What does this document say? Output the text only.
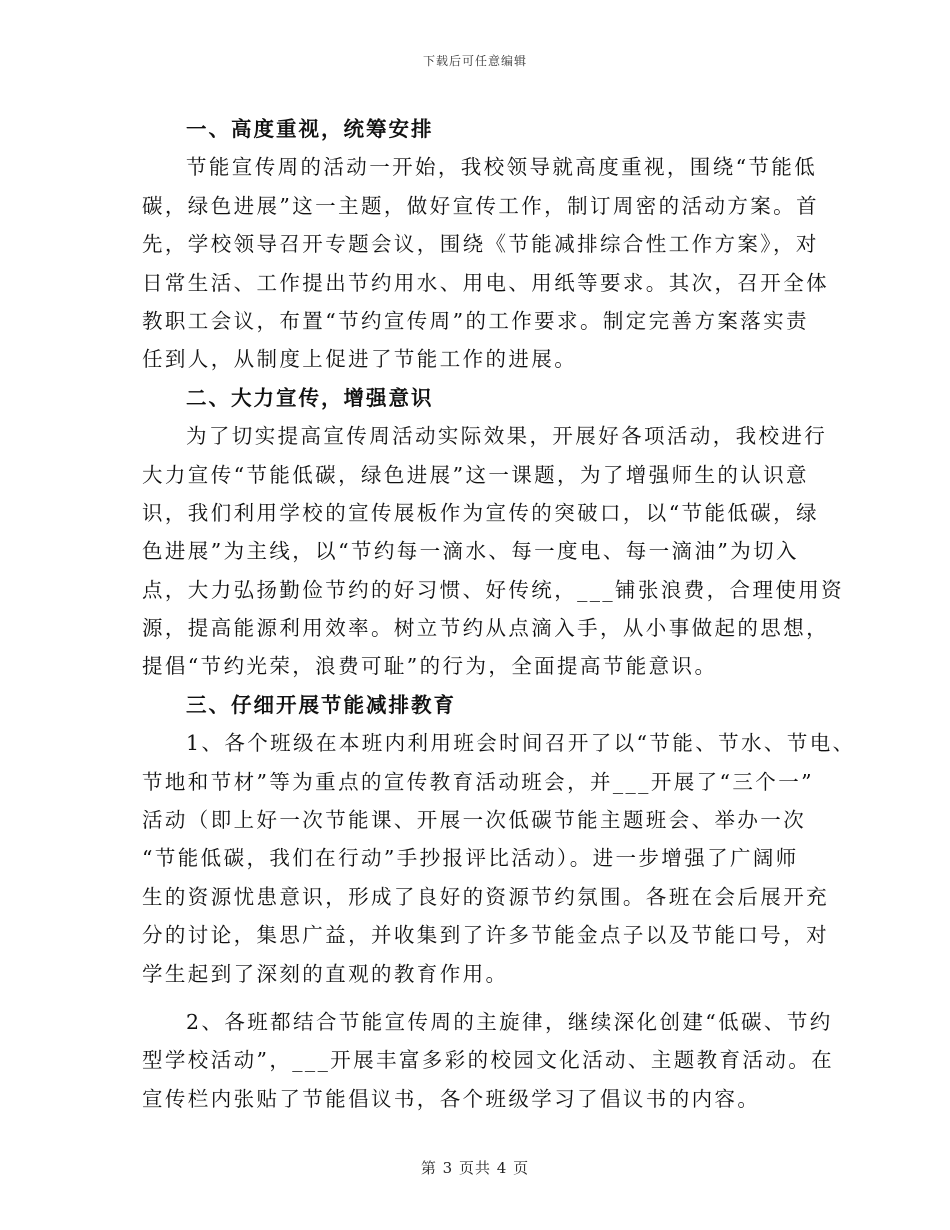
下载后可任意编辑
一、高度重视，统筹安排
节能宣传周的活动一开始，我校领导就高度重视，围绕“节能低
碳，绿色进展”这一主题，做好宣传工作，制订周密的活动方案。首
先，学校领导召开专题会议，围绕《节能减排综合性工作方案》，对
日常生活、工作提出节约用水、用电、用纸等要求。其次，召开全体
教职工会议，布置“节约宣传周”的工作要求。制定完善方案落实责
任到人，从制度上促进了节能工作的进展。
二、大力宣传，增强意识
为了切实提高宣传周活动实际效果，开展好各项活动，我校进行
大力宣传“节能低碳，绿色进展”这一课题，为了增强师生的认识意
识，我们利用学校的宣传展板作为宣传的突破口，以“节能低碳，绿
色进展”为主线，以“节约每一滴水、每一度电、每一滴油”为切入
点，大力弘扬勤俭节约的好习惯、好传统，___铺张浪费，合理使用资
源，提高能源利用效率。树立节约从点滴入手，从小事做起的思想，
提倡“节约光荣，浪费可耻”的行为，全面提高节能意识。
三、仔细开展节能减排教育
1、各个班级在本班内利用班会时间召开了以“节能、节水、节电、
节地和节材”等为重点的宣传教育活动班会，并___开展了“三个一”
活动（即上好一次节能课、开展一次低碳节能主题班会、举办一次
“节能低碳，我们在行动”手抄报评比活动）。进一步增强了广阔师
生的资源忧患意识，形成了良好的资源节约氛围。各班在会后展开充
分的讨论，集思广益，并收集到了许多节能金点子以及节能口号，对
学生起到了深刻的直观的教育作用。
2、各班都结合节能宣传周的主旋律，继续深化创建“低碳、节约
型学校活动”，___开展丰富多彩的校园文化活动、主题教育活动。在
宣传栏内张贴了节能倡议书，各个班级学习了倡议书的内容。
第 3 页共 4 页
